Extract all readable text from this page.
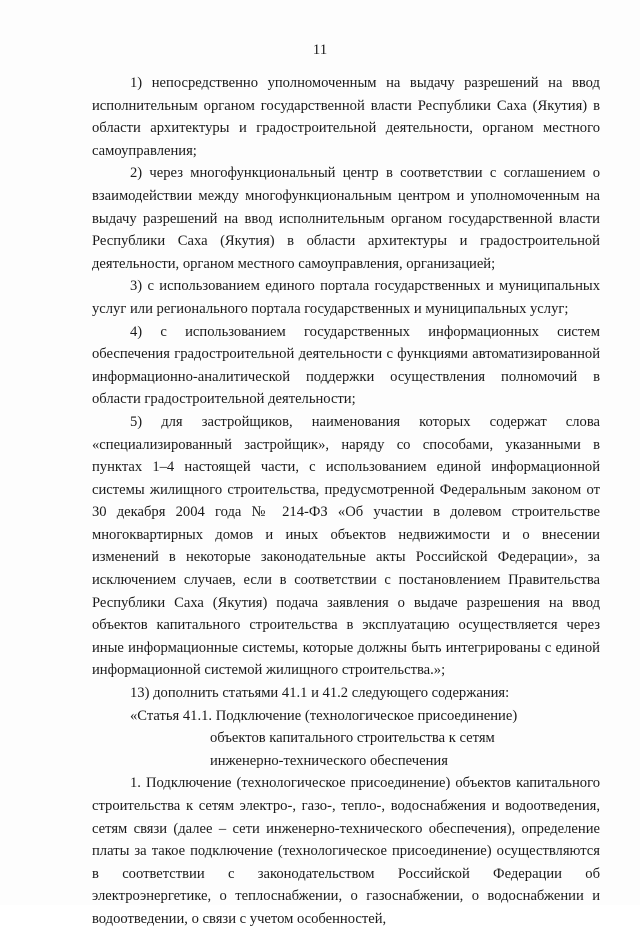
11

1) непосредственно уполномоченным на выдачу разрешений на ввод исполнительным органом государственной власти Республики Саха (Якутия) в области архитектуры и градостроительной деятельности, органом местного самоуправления;

2) через многофункциональный центр в соответствии с соглашением о взаимодействии между многофункциональным центром и уполномоченным на выдачу разрешений на ввод исполнительным органом государственной власти Республики Саха (Якутия) в области архитектуры и градостроительной деятельности, органом местного самоуправления, организацией;

3) с использованием единого портала государственных и муниципальных услуг или регионального портала государственных и муниципальных услуг;

4) с использованием государственных информационных систем обеспечения градостроительной деятельности с функциями автоматизированной информационно-аналитической поддержки осуществления полномочий в области градостроительной деятельности;

5) для застройщиков, наименования которых содержат слова «специализированный застройщик», наряду со способами, указанными в пунктах 1–4 настоящей части, с использованием единой информационной системы жилищного строительства, предусмотренной Федеральным законом от 30 декабря 2004 года № 214-ФЗ «Об участии в долевом строительстве многоквартирных домов и иных объектов недвижимости и о внесении изменений в некоторые законодательные акты Российской Федерации», за исключением случаев, если в соответствии с постановлением Правительства Республики Саха (Якутия) подача заявления о выдаче разрешения на ввод объектов капитального строительства в эксплуатацию осуществляется через иные информационные системы, которые должны быть интегрированы с единой информационной системой жилищного строительства.»;

13) дополнить статьями 41.1 и 41.2 следующего содержания:

«Статья 41.1. Подключение (технологическое присоединение)

объектов капитального строительства к сетям

инженерно-технического обеспечения

1. Подключение (технологическое присоединение) объектов капитального строительства к сетям электро-, газо-, тепло-, водоснабжения и водоотведения, сетям связи (далее – сети инженерно-технического обеспечения), определение платы за такое подключение (технологическое присоединение) осуществляются в соответствии с законодательством Российской Федерации об электроэнергетике, о теплоснабжении, о газоснабжении, о водоснабжении и водоотведении, о связи с учетом особенностей,
